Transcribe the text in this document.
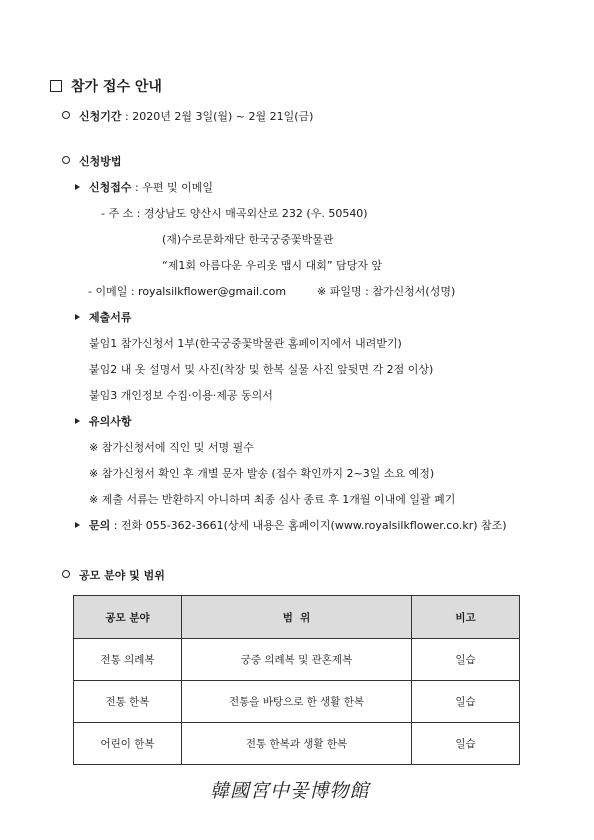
참가 접수 안내
신청기간 : 2020년 2월 3일(월) ~ 2월 21일(금)
신청방법
신청접수 : 우편 및 이메일
- 주 소 : 경상남도 양산시 매곡외산로 232 (우. 50540)
(재)수로문화재단 한국궁중꽃박물관
“제1회 아름다운 우리옷 맵시 대회” 담당자 앞
- 이메일 : royalsilkflower@gmail.com	※ 파일명 : 참가신청서(성명)
제출서류
붙임1 참가신청서 1부(한국궁중꽃박물관 홈페이지에서 내려받기)
붙임2 내 옷 설명서 및 사진(착장 및 한복 실물 사진 앞뒷면 각 2점 이상)
붙임3 개인정보 수집·이용·제공 동의서
유의사항
※ 참가신청서에 직인 및 서명 필수
※ 참가신청서 확인 후 개별 문자 발송 (접수 확인까지 2~3일 소요 예정)
※ 제출 서류는 반환하지 아니하며 최종 심사 종료 후 1개월 이내에 일괄 폐기
문의 : 전화 055-362-3661(상세 내용은 홈페이지(www.royalsilkflower.co.kr) 참조)
공모 분야 및 범위
공모 분야	범  위	비고
전통 의례복	궁중 의례복 및 관혼제복	일습
전통 한복	전통을 바탕으로 한 생활 한복	일습
어린이 한복	전통 한복과 생활 한복	일습
韓國宮中꽃博物館
